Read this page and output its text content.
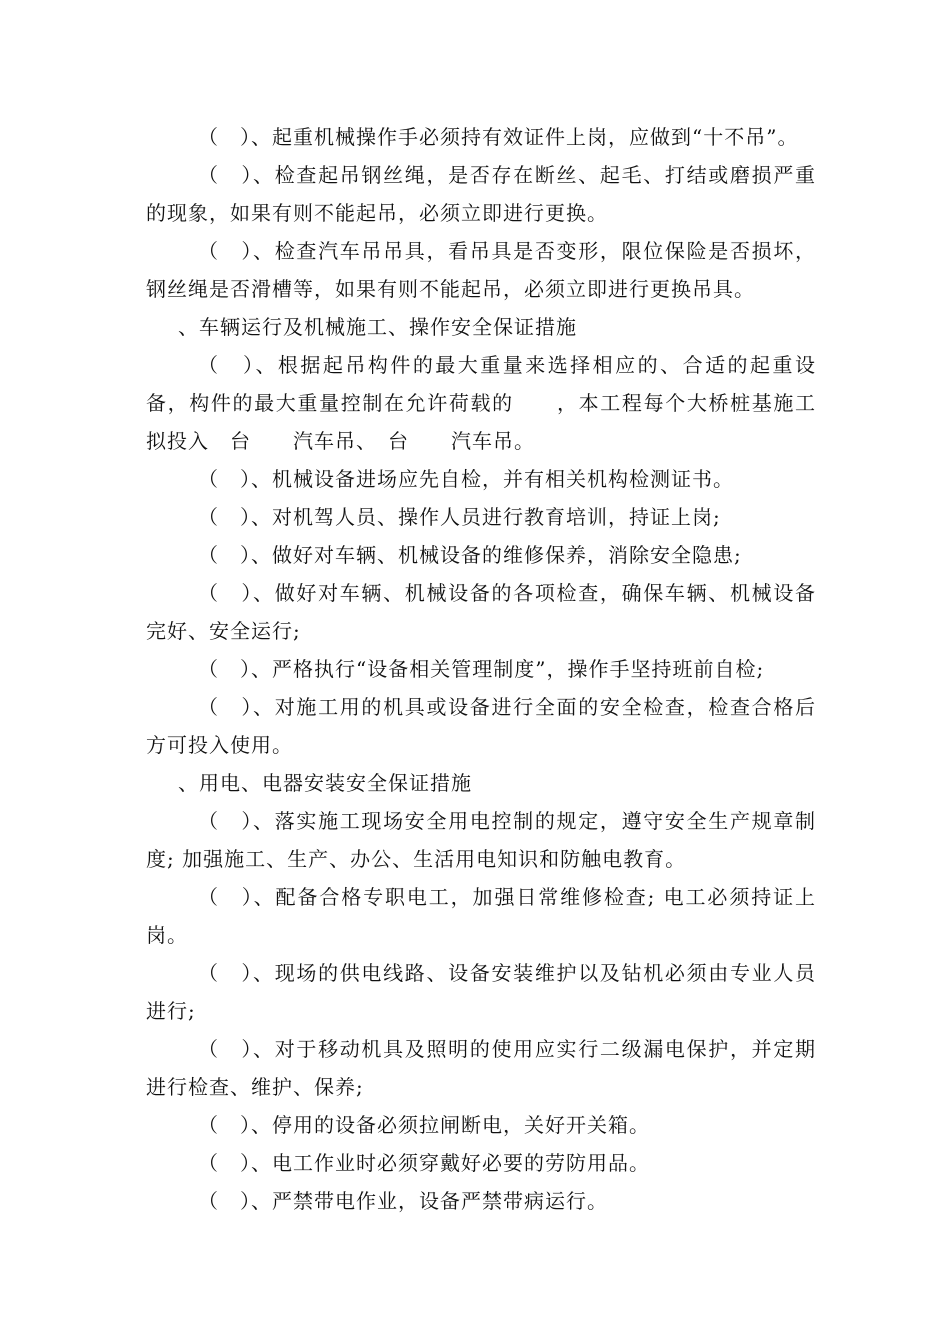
（　）、起重机械操作手必须持有效证件上岗，应做到“十不吊”。

（　）、检查起吊钢丝绳，是否存在断丝、起毛、打结或磨损严重的现象，如果有则不能起吊，必须立即进行更换。

（　）、检查汽车吊吊具，看吊具是否变形，限位保险是否损坏，钢丝绳是否滑槽等，如果有则不能起吊，必须立即进行更换吊具。

、车辆运行及机械施工、操作安全保证措施

（　）、根据起吊构件的最大重量来选择相应的、合适的起重设备，构件的最大重量控制在允许荷载的　　，本工程每个大桥桩基施工拟投入　台　　汽车吊、　台　　汽车吊。

（　）、机械设备进场应先自检，并有相关机构检测证书。

（　）、对机驾人员、操作人员进行教育培训，持证上岗;

（　）、做好对车辆、机械设备的维修保养，消除安全隐患;

（　）、做好对车辆、机械设备的各项检查，确保车辆、机械设备完好、安全运行;

（　）、严格执行“设备相关管理制度”，操作手坚持班前自检;

（　）、对施工用的机具或设备进行全面的安全检查，检查合格后方可投入使用。

、用电、电器安装安全保证措施

（　）、落实施工现场安全用电控制的规定，遵守安全生产规章制度; 加强施工、生产、办公、生活用电知识和防触电教育。

（　）、配备合格专职电工，加强日常维修检查; 电工必须持证上岗。

（　）、现场的供电线路、设备安装维护以及钻机必须由专业人员进行;

（　）、对于移动机具及照明的使用应实行二级漏电保护，并定期进行检查、维护、保养;

（　）、停用的设备必须拉闸断电，关好开关箱。

（　）、电工作业时必须穿戴好必要的劳防用品。

（　）、严禁带电作业，设备严禁带病运行。
